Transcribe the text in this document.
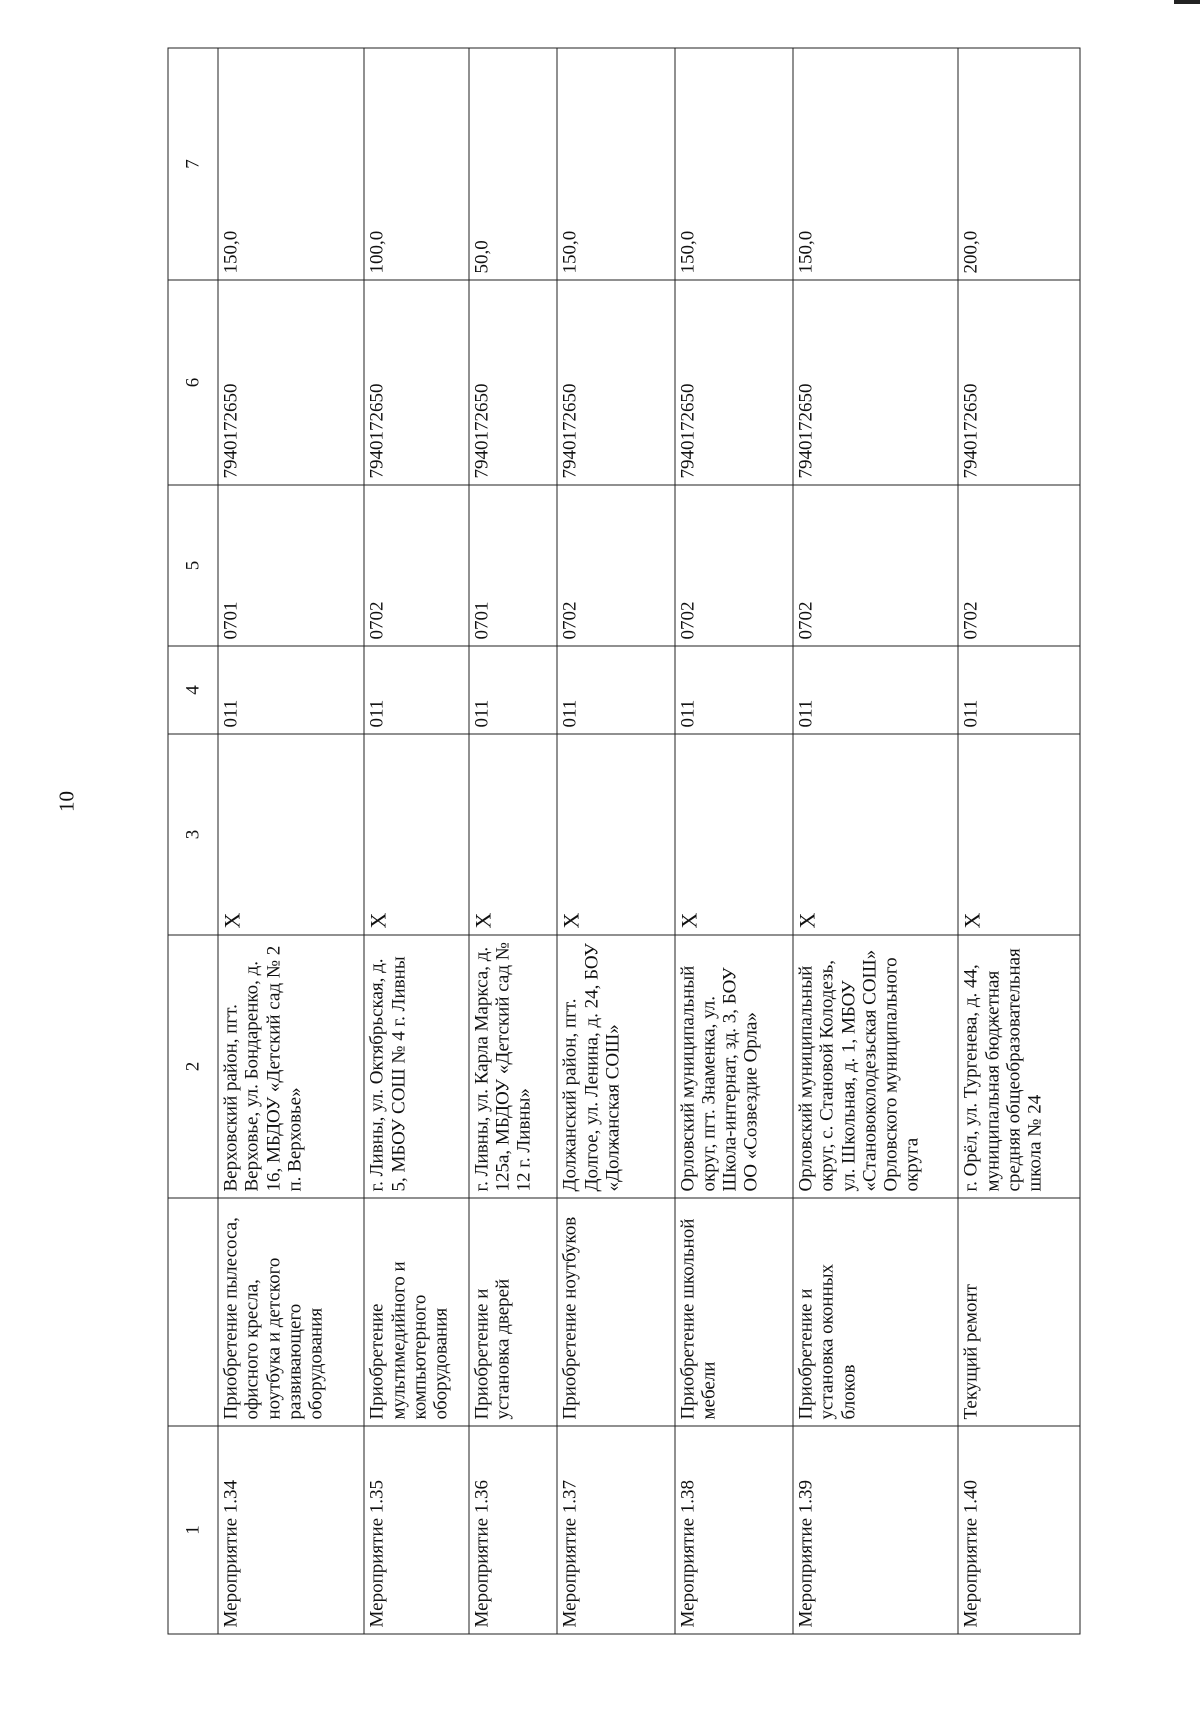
10
1		2	3	4	5	6	7
Мероприятие 1.34	Приобретение пылесоса, офисного кресла, ноутбука и детского развивающего оборудования	Верховский район, пгт. Верховье, ул. Бондаренко, д. 16, МБДОУ «Детский сад № 2 п. Верховье»	X	011	0701	7940172650	150,0
Мероприятие 1.35	Приобретение мультимедийного и компьютерного оборудования	г. Ливны, ул. Октябрьская, д. 5, МБОУ СОШ № 4 г. Ливны	X	011	0702	7940172650	100,0
Мероприятие 1.36	Приобретение и установка дверей	г. Ливны, ул. Карла Маркса, д. 125а, МБДОУ «Детский сад № 12 г. Ливны»	X	011	0701	7940172650	50,0
Мероприятие 1.37	Приобретение ноутбуков	Должанский район, пгт. Долгое, ул. Ленина, д. 24, БОУ «Должанская СОШ»	X	011	0702	7940172650	150,0
Мероприятие 1.38	Приобретение школьной мебели	Орловский муниципальный округ, пгт. Знаменка, ул. Школа-интернат, зд. 3, БОУ ОО «Созвездие Орла»	X	011	0702	7940172650	150,0
Мероприятие 1.39	Приобретение и установка оконных блоков	Орловский муниципальный округ, с. Становой Колодезь, ул. Школьная, д. 1, МБОУ «Становоколодезьская СОШ» Орловского муниципального округа	X	011	0702	7940172650	150,0
Мероприятие 1.40	Текущий ремонт	г. Орёл, ул. Тургенева, д. 44, муниципальная бюджетная средняя общеобразовательная школа № 24	X	011	0702	7940172650	200,0
